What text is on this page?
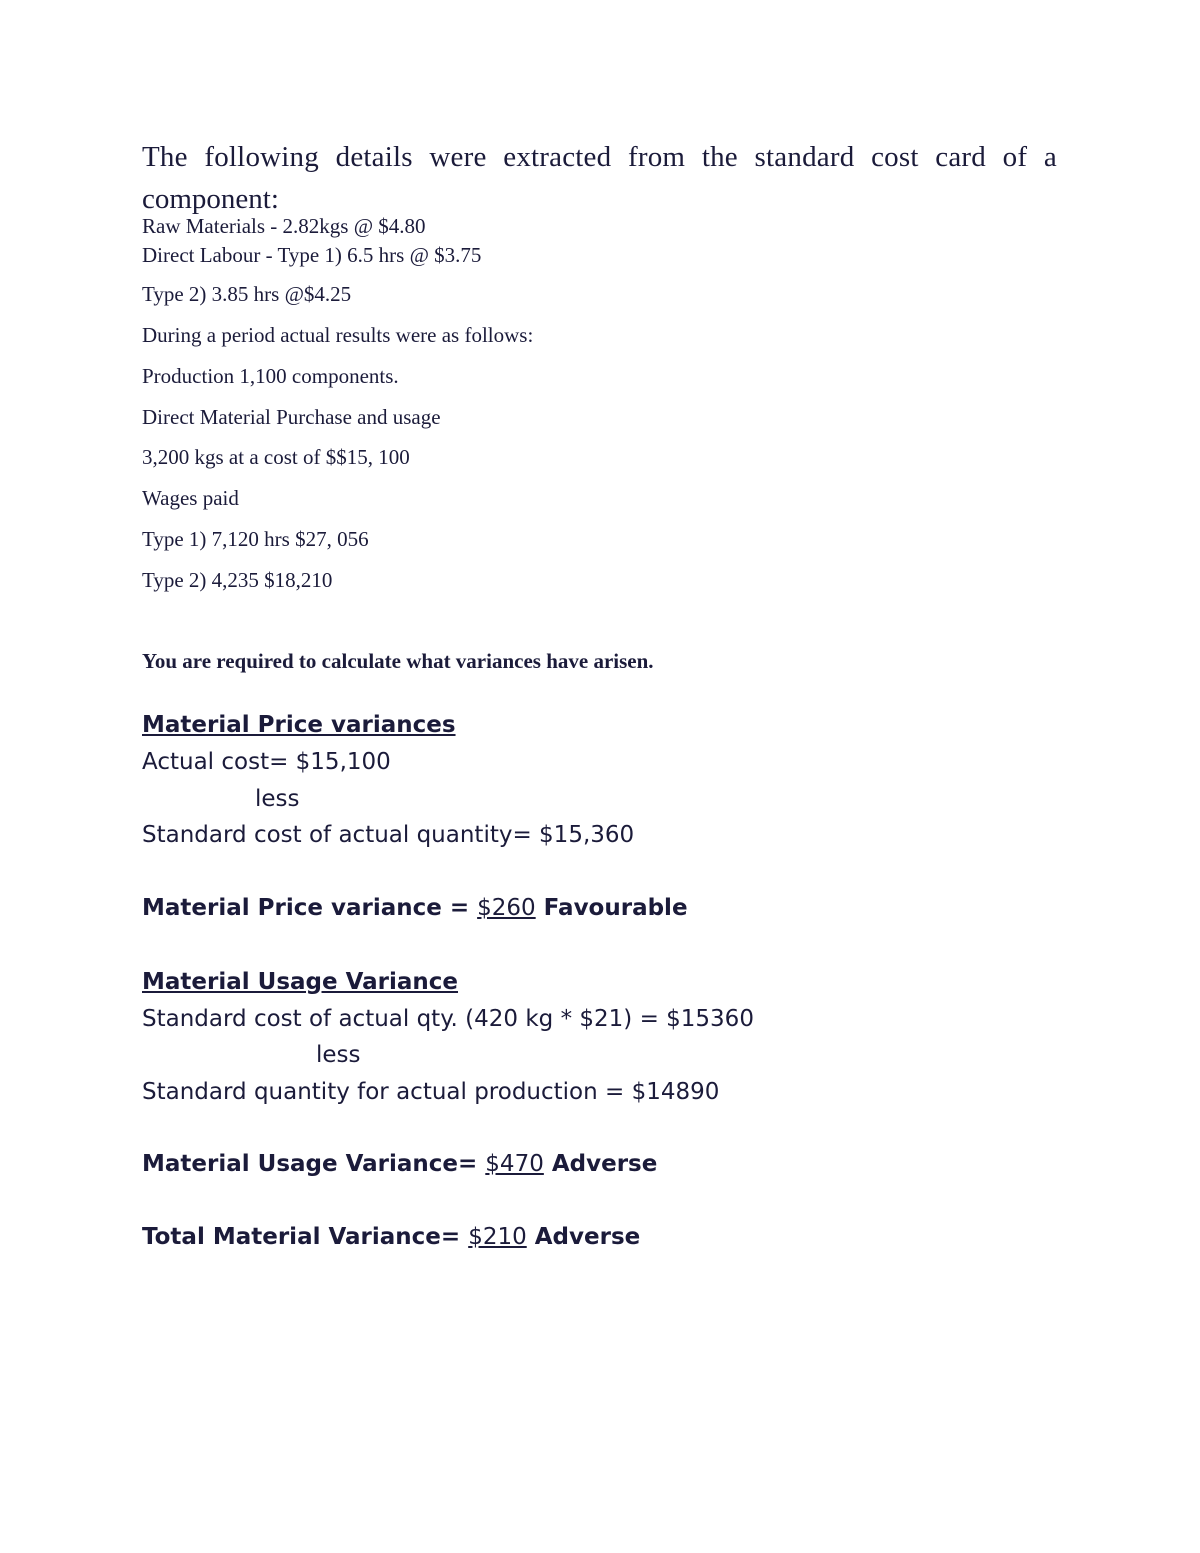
The following details were extracted from the standard cost card of a

component:

Raw Materials - 2.82kgs @ $4.80

Direct Labour - Type 1) 6.5 hrs @ $3.75

Type 2) 3.85 hrs @$4.25

During a period actual results were as follows:

Production 1,100 components.

Direct Material Purchase and usage

3,200 kgs at a cost of $$15, 100

Wages paid

Type 1) 7,120 hrs $27, 056

Type 2) 4,235 $18,210

You are required to calculate what variances have arisen.

Material Price variances

Actual cost= $15,100

less

Standard cost of actual quantity= $15,360

Material Price variance = $260 Favourable

Material Usage Variance

Standard cost of actual qty. (420 kg * $21) = $15360

less

Standard quantity for actual production = $14890

Material Usage Variance= $470 Adverse

Total Material Variance= $210 Adverse
